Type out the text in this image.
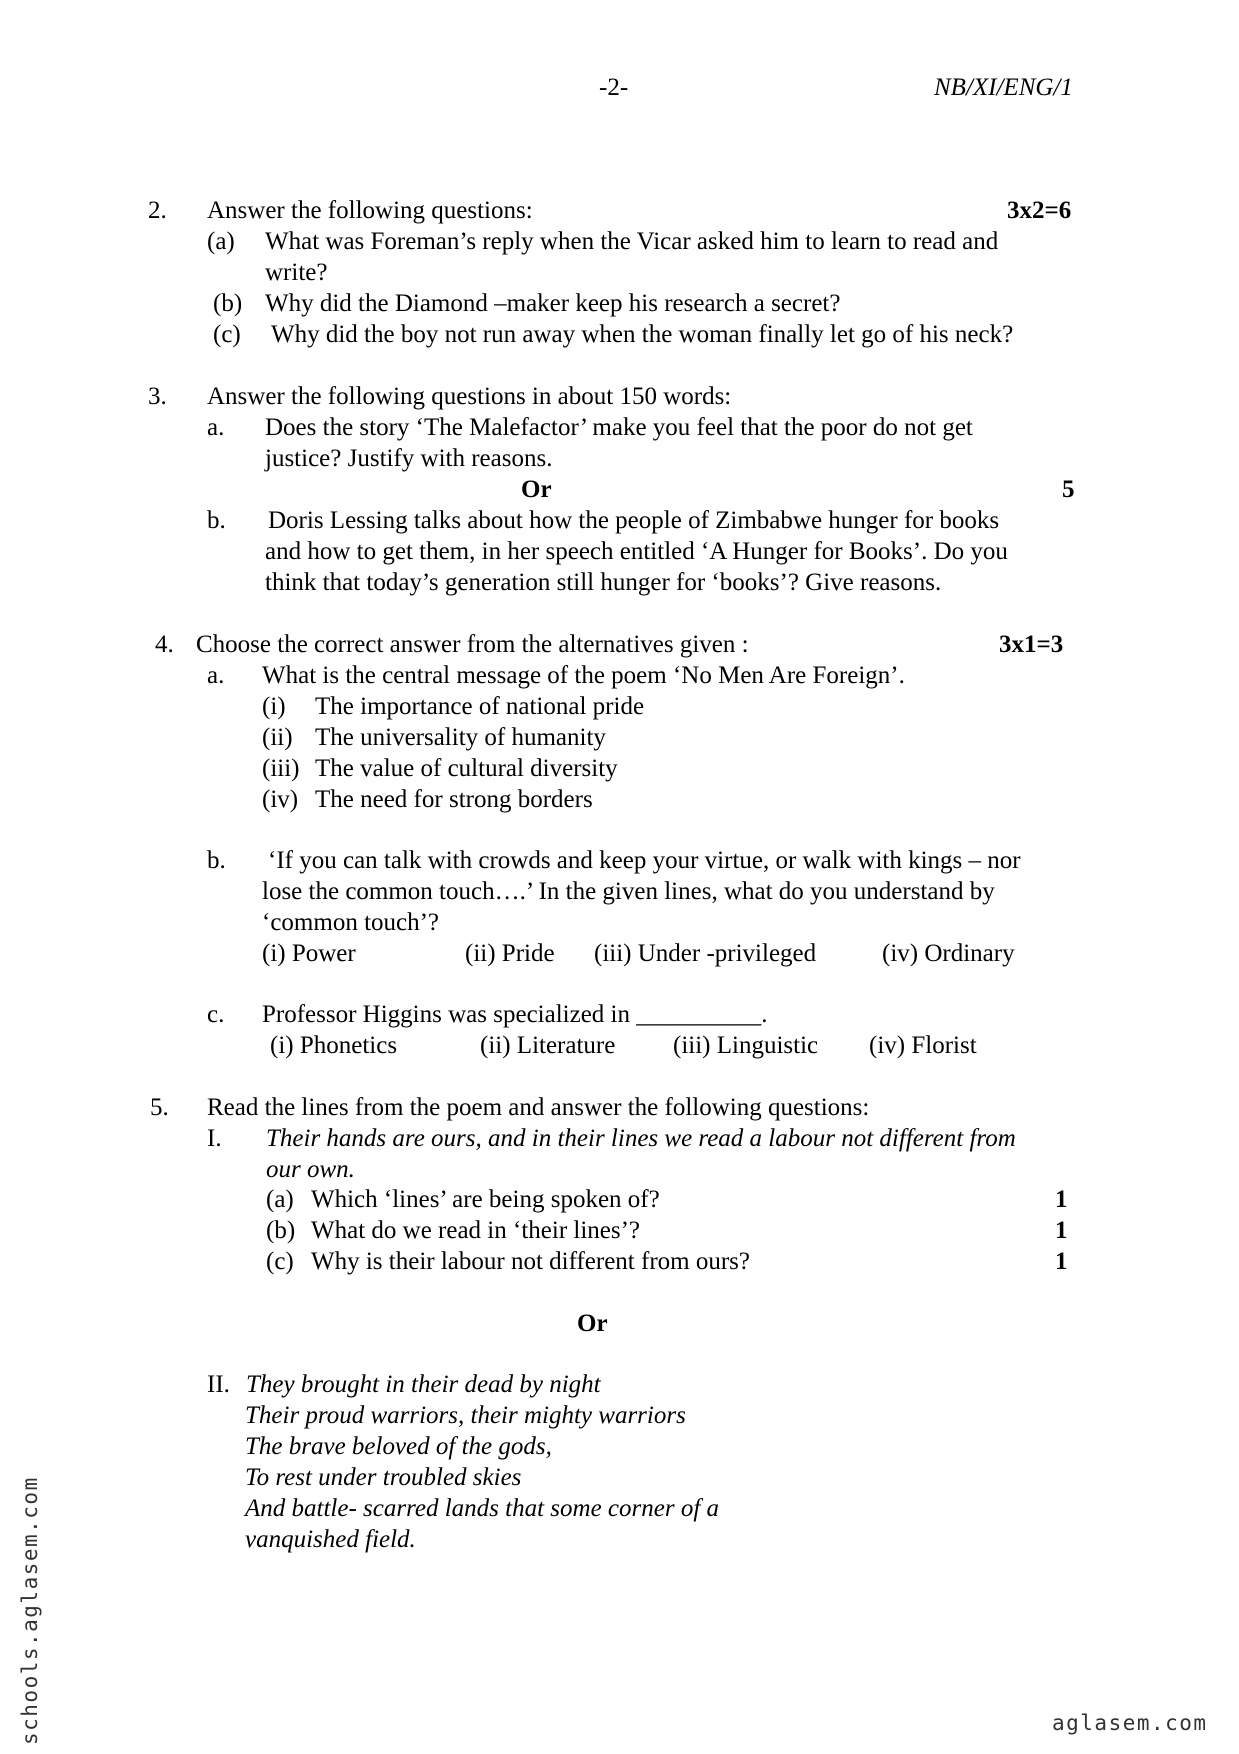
-2-	NB/XI/ENG/1
2. Answer the following questions:	3x2=6
(a) What was Foreman’s reply when the Vicar asked him to learn to read and
write?
(b) Why did the Diamond –maker keep his research a secret?
(c) Why did the boy not run away when the woman finally let go of his neck?
3. Answer the following questions in about 150 words:
a. Does the story ‘The Malefactor’ make you feel that the poor do not get
justice? Justify with reasons.
Or	5
b. Doris Lessing talks about how the people of Zimbabwe hunger for books
and how to get them, in her speech entitled ‘A Hunger for Books’. Do you
think that today’s generation still hunger for ‘books’? Give reasons.
4. Choose the correct answer from the alternatives given :	3x1=3
a. What is the central message of the poem ‘No Men Are Foreign’.
(i) The importance of national pride
(ii) The universality of humanity
(iii) The value of cultural diversity
(iv) The need for strong borders
b. ‘If you can talk with crowds and keep your virtue, or walk with kings – nor
lose the common touch….’ In the given lines, what do you understand by
‘common touch’?
(i) Power	(ii) Pride (iii) Under -privileged	(iv) Ordinary
c. Professor Higgins was specialized in __________.
(i) Phonetics	(ii) Literature (iii) Linguistic (iv) Florist
5. Read the lines from the poem and answer the following questions:
I. Their hands are ours, and in their lines we read a labour not different from
our own.
(a) Which ‘lines’ are being spoken of?	1
(b) What do we read in ‘their lines’?	1
(c) Why is their labour not different from ours?	1
Or
II. They brought in their dead by night
Their proud warriors, their mighty warriors
The brave beloved of the gods,
To rest under troubled skies
And battle- scarred lands that some corner of a
vanquished field.
schools.aglasem.com	aglasem.com
